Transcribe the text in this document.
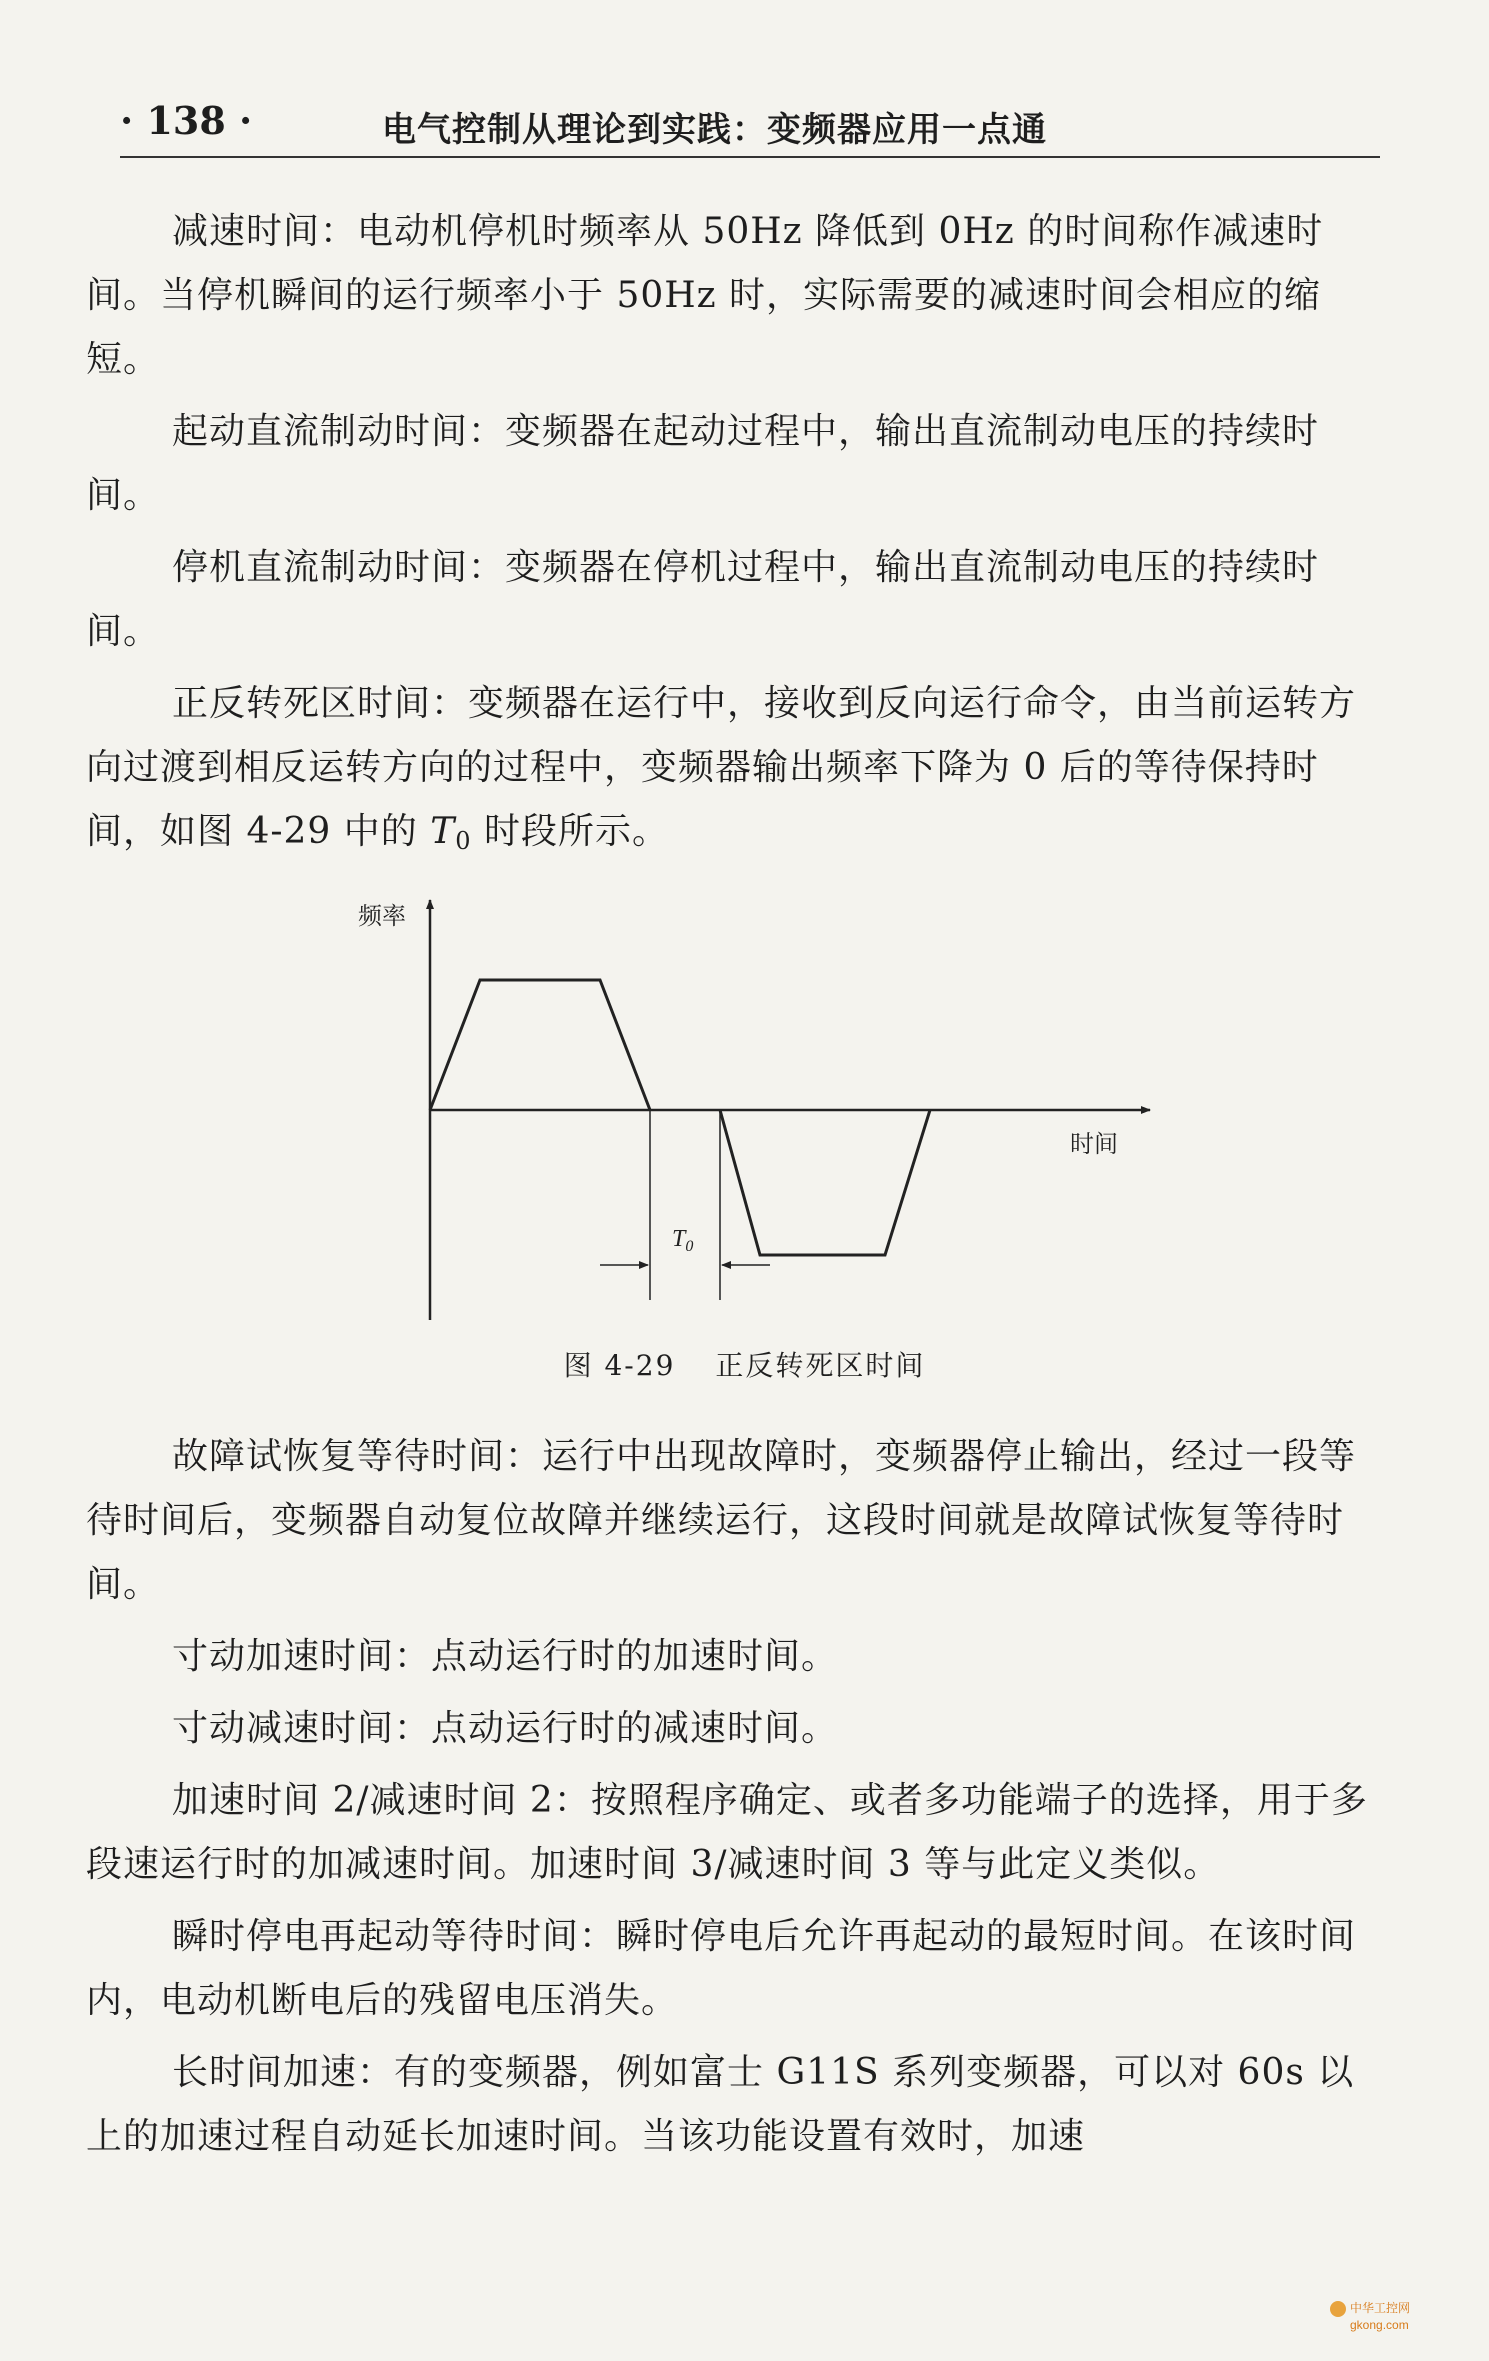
· 138 ·	电气控制从理论到实践：变频器应用一点通

减速时间：电动机停机时频率从 50Hz 降低到 0Hz 的时间称作减速时间。当停机瞬间的运行频率小于 50Hz 时，实际需要的减速时间会相应的缩短。

起动直流制动时间：变频器在起动过程中，输出直流制动电压的持续时间。

停机直流制动时间：变频器在停机过程中，输出直流制动电压的持续时间。

正反转死区时间：变频器在运行中，接收到反向运行命令，由当前运转方向过渡到相反运转方向的过程中，变频器输出频率下降为 0 后的等待保持时间，如图 4-29 中的 $T_0$ 时段所示。

频率
时间
$T_0$
图 4-29 正反转死区时间

故障试恢复等待时间：运行中出现故障时，变频器停止输出，经过一段等待时间后，变频器自动复位故障并继续运行，这段时间就是故障试恢复等待时间。

寸动加速时间：点动运行时的加速时间。

寸动减速时间：点动运行时的减速时间。

加速时间 2/减速时间 2：按照程序确定、或者多功能端子的选择，用于多段速运行时的加减速时间。加速时间 3/减速时间 3 等与此定义类似。

瞬时停电再起动等待时间：瞬时停电后允许再起动的最短时间。在该时间内，电动机断电后的残留电压消失。

长时间加速：有的变频器，例如富士 G11S 系列变频器，可以对 60s 以上的加速过程自动延长加速时间。当该功能设置有效时，加速

中华工控网
gkong.com
